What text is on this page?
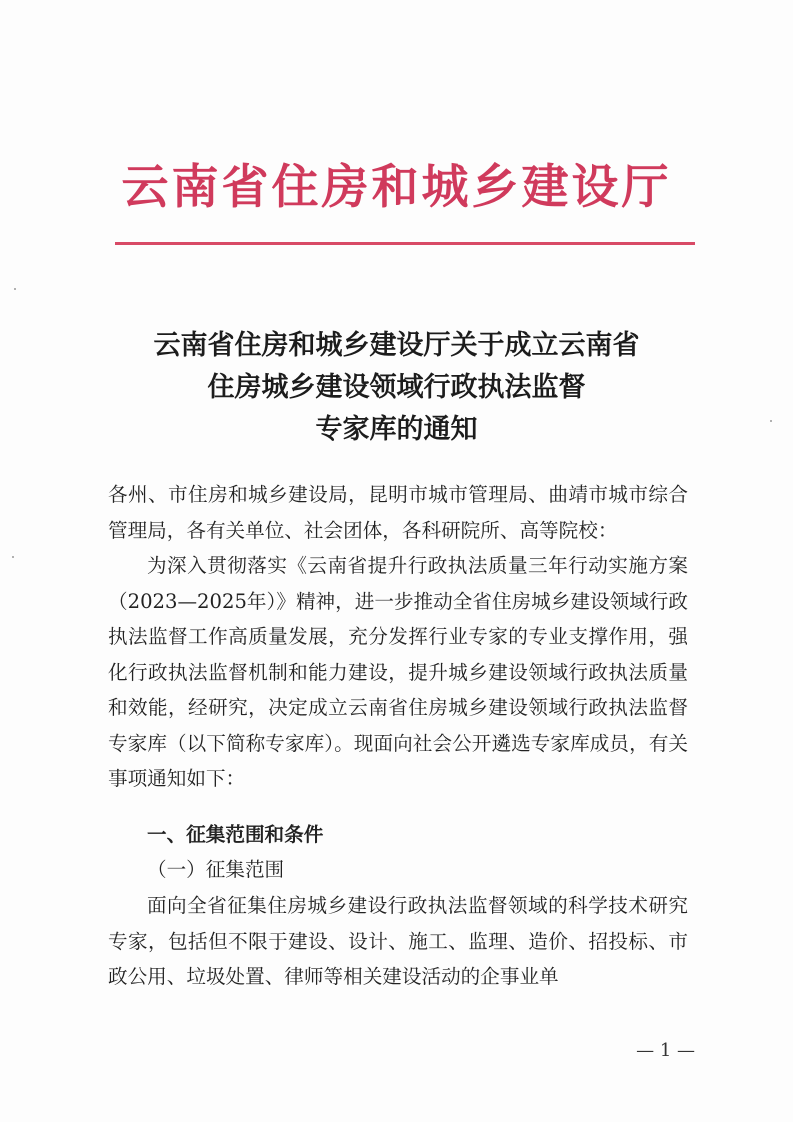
云南省住房和城乡建设厅
云南省住房和城乡建设厅关于成立云南省
住房城乡建设领域行政执法监督
专家库的通知
各州、市住房和城乡建设局，昆明市城市管理局、曲靖市城市综合管理局，各有关单位、社会团体，各科研院所、高等院校：
为深入贯彻落实《云南省提升行政执法质量三年行动实施方案（2023—2025年）》精神，进一步推动全省住房城乡建设领域行政执法监督工作高质量发展，充分发挥行业专家的专业支撑作用，强化行政执法监督机制和能力建设，提升城乡建设领域行政执法质量和效能，经研究，决定成立云南省住房城乡建设领域行政执法监督专家库（以下简称专家库）。现面向社会公开遴选专家库成员，有关事项通知如下：
一、征集范围和条件
（一）征集范围
面向全省征集住房城乡建设行政执法监督领域的科学技术研究专家，包括但不限于建设、设计、施工、监理、造价、招投标、市政公用、垃圾处置、律师等相关建设活动的企事业单
— 1 —
